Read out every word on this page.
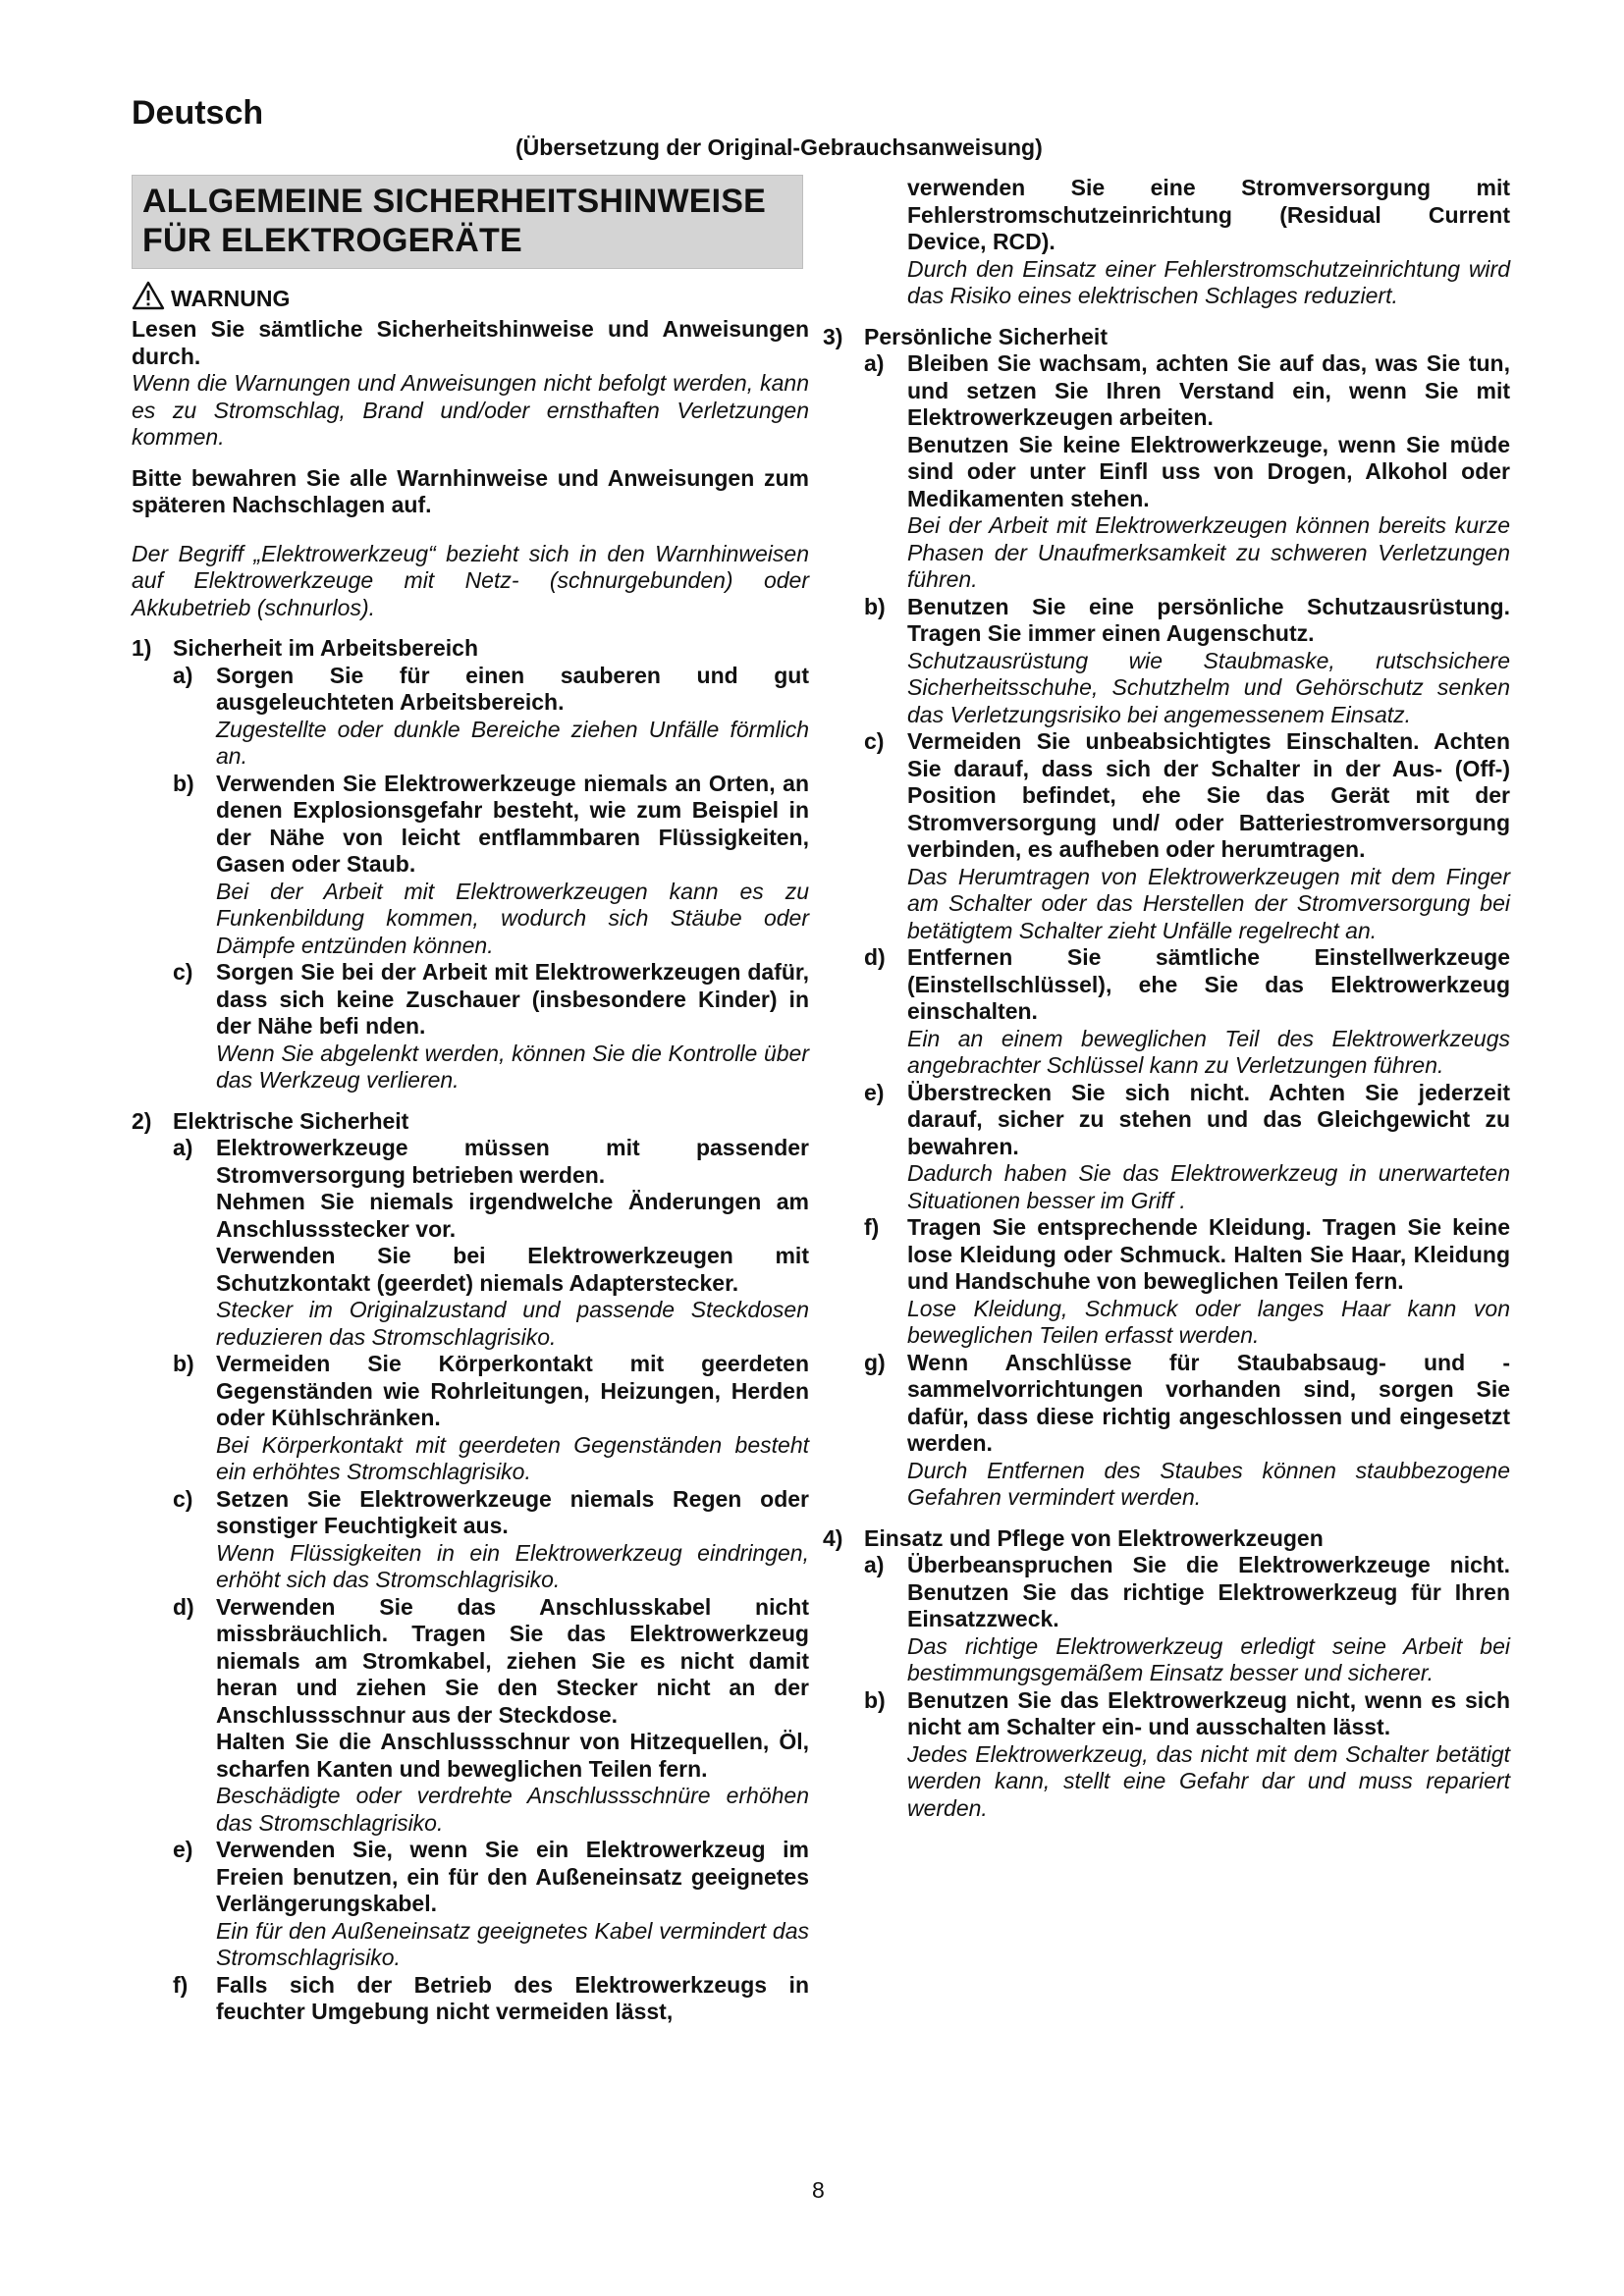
Deutsch
(Übersetzung der Original-Gebrauchsanweisung)
ALLGEMEINE SICHERHEITSHINWEISE
FÜR ELEKTROGERÄTE
WARNUNG

Lesen Sie sämtliche Sicherheitshinweise und Anweisungen durch.

Wenn die Warnungen und Anweisungen nicht befolgt werden, kann es zu Stromschlag, Brand und/oder ernsthaften Verletzungen kommen.

Bitte bewahren Sie alle Warnhinweise und Anweisungen zum späteren Nachschlagen auf.

Der Begriff „Elektrowerkzeug“ bezieht sich in den Warnhinweisen auf Elektrowerkzeuge mit Netz- (schnurgebunden) oder Akkubetrieb (schnurlos).

1) Sicherheit im Arbeitsbereich
a)	Sorgen Sie für einen sauberen und gut ausgeleuchteten Arbeitsbereich.

Zugestellte oder dunkle Bereiche ziehen Unfälle förmlich an.

b) Verwenden Sie Elektrowerkzeuge niemals an Orten, an denen Explosionsgefahr besteht, wie zum Beispiel in der Nähe von leicht entflammbaren Flüssigkeiten, Gasen oder Staub.

Bei der Arbeit mit Elektrowerkzeugen kann es zu Funkenbildung kommen, wodurch sich Stäube oder Dämpfe entzünden können.

c)	Sorgen Sie bei der Arbeit mit Elektrowerkzeugen dafür, dass sich keine Zuschauer (insbesondere Kinder) in der Nähe befi nden.

Wenn Sie abgelenkt werden, können Sie die Kontrolle über das Werkzeug verlieren.

2) Elektrische Sicherheit
a)	Elektrowerkzeuge müssen mit passender Stromversorgung betrieben werden.

Nehmen Sie niemals irgendwelche Änderungen am Anschlussstecker vor.

Verwenden Sie bei Elektrowerkzeugen mit Schutzkontakt (geerdet) niemals Adapterstecker.

Stecker im Originalzustand und passende Steckdosen reduzieren das Stromschlagrisiko.

b) Vermeiden Sie Körperkontakt mit geerdeten Gegenständen wie Rohrleitungen, Heizungen, Herden oder Kühlschränken.

Bei Körperkontakt mit geerdeten Gegenständen besteht ein erhöhtes Stromschlagrisiko.

c)	Setzen Sie Elektrowerkzeuge niemals Regen oder sonstiger Feuchtigkeit aus.

Wenn Flüssigkeiten in ein Elektrowerkzeug eindringen, erhöht sich das Stromschlagrisiko.

d) Verwenden Sie das Anschlusskabel nicht missbräuchlich. Tragen Sie das Elektrowerkzeug niemals am Stromkabel, ziehen Sie es nicht damit heran und ziehen Sie den Stecker nicht an der Anschlussschnur aus der Steckdose.

Halten Sie die Anschlussschnur von Hitzequellen, Öl, scharfen Kanten und beweglichen Teilen fern.

Beschädigte oder verdrehte Anschlussschnüre erhöhen das Stromschlagrisiko.

e)	Verwenden Sie, wenn Sie ein Elektrowerkzeug im Freien benutzen, ein für den Außeneinsatz geeignetes Verlängerungskabel.

Ein für den Außeneinsatz geeignetes Kabel vermindert das Stromschlagrisiko.

f)	Falls sich der Betrieb des Elektrowerkzeugs in feuchter Umgebung nicht vermeiden lässt,

verwenden Sie eine Stromversorgung mit Fehlerstromschutzeinrichtung (Residual Current Device, RCD).

Durch den Einsatz einer Fehlerstromschutzeinrichtung wird das Risiko eines elektrischen Schlages reduziert.

3) Persönliche Sicherheit
a)	Bleiben Sie wachsam, achten Sie auf das, was Sie tun, und setzen Sie Ihren Verstand ein, wenn Sie mit Elektrowerkzeugen arbeiten.

Benutzen Sie keine Elektrowerkzeuge, wenn Sie müde sind oder unter Einfl uss von Drogen, Alkohol oder Medikamenten stehen.

Bei der Arbeit mit Elektrowerkzeugen können bereits kurze Phasen der Unaufmerksamkeit zu schweren Verletzungen führen.

b) Benutzen Sie eine persönliche Schutzausrüstung. Tragen Sie immer einen Augenschutz.

Schutzausrüstung wie Staubmaske, rutschsichere Sicherheitsschuhe, Schutzhelm und Gehörschutz senken das Verletzungsrisiko bei angemessenem Einsatz.

c)	Vermeiden Sie unbeabsichtigtes Einschalten. Achten Sie darauf, dass sich der Schalter in der Aus- (Off-) Position befindet, ehe Sie das Gerät mit der Stromversorgung und/ oder Batteriestromversorgung verbinden, es aufheben oder herumtragen.

Das Herumtragen von Elektrowerkzeugen mit dem Finger am Schalter oder das Herstellen der Stromversorgung bei betätigtem Schalter zieht Unfälle regelrecht an.

d) Entfernen Sie sämtliche Einstellwerkzeuge (Einstellschlüssel), ehe Sie das Elektrowerkzeug einschalten.

Ein an einem beweglichen Teil des Elektrowerkzeugs angebrachter Schlüssel kann zu Verletzungen führen.

e)	Überstrecken Sie sich nicht. Achten Sie jederzeit darauf, sicher zu stehen und das Gleichgewicht zu bewahren.

Dadurch haben Sie das Elektrowerkzeug in unerwarteten Situationen besser im Griff .

f)	Tragen Sie entsprechende Kleidung. Tragen Sie keine lose Kleidung oder Schmuck. Halten Sie Haar, Kleidung und Handschuhe von beweglichen Teilen fern.

Lose Kleidung, Schmuck oder langes Haar kann von beweglichen Teilen erfasst werden.

g) Wenn Anschlüsse für Staubabsaug- und - sammelvorrichtungen vorhanden sind, sorgen Sie dafür, dass diese richtig angeschlossen und eingesetzt werden.

Durch Entfernen des Staubes können staubbezogene Gefahren vermindert werden.

4) Einsatz und Pflege von Elektrowerkzeugen
a)	Überbeanspruchen Sie die Elektrowerkzeuge nicht. Benutzen Sie das richtige Elektrowerkzeug für Ihren Einsatzzweck.

Das richtige Elektrowerkzeug erledigt seine Arbeit bei bestimmungsgemäßem Einsatz besser und sicherer.

b) Benutzen Sie das Elektrowerkzeug nicht, wenn es sich nicht am Schalter ein- und ausschalten lässt.

Jedes Elektrowerkzeug, das nicht mit dem Schalter betätigt werden kann, stellt eine Gefahr dar und muss repariert werden.

8
